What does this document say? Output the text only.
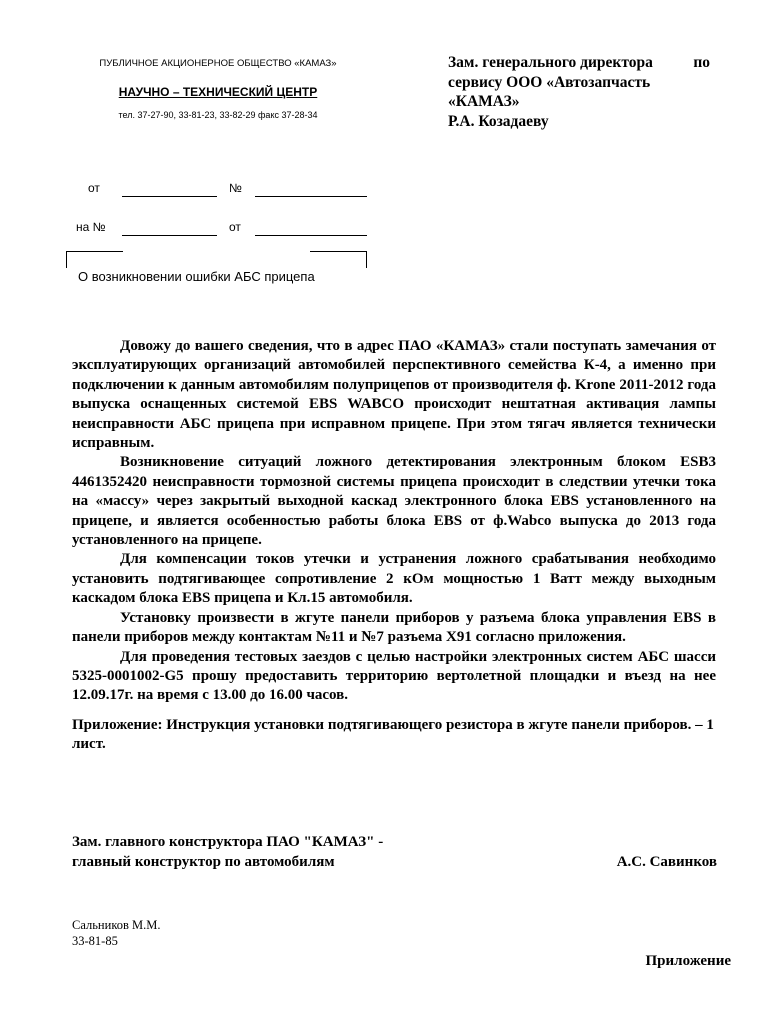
ПУБЛИЧНОЕ АКЦИОНЕРНОЕ ОБЩЕСТВО «КАМАЗ»
НАУЧНО – ТЕХНИЧЕСКИЙ ЦЕНТР
тел. 37-27-90, 33-81-23, 33-82-29 факс 37-28-34
Зам. генерального директора	по
сервису ООО «Автозапчасть
«КАМАЗ»
Р.А. Козадаеву
от	№
на №	от
О возникновении ошибки АБС прицепа

Довожу до вашего сведения, что в адрес ПАО «КАМАЗ» стали поступать замечания от эксплуатирующих организаций автомобилей перспективного семейства К-4, а именно при подключении к данным автомобилям полуприцепов от производителя ф. Krone 2011-2012 года выпуска оснащенных системой EBS WABCO происходит нештатная активация лампы неисправности АБС прицепа при исправном прицепе. При этом тягач является технически исправным.

Возникновение ситуаций ложного детектирования электронным блоком ESB3 4461352420 неисправности тормозной системы прицепа происходит в следствии утечки тока на «массу» через закрытый выходной каскад электронного блока EBS установленного на прицепе, и является особенностью работы блока EBS от ф.Wabco выпуска до 2013 года установленного на прицепе.

Для компенсации токов утечки и устранения ложного срабатывания необходимо установить подтягивающее сопротивление 2 кОм мощностью 1 Ватт между выходным каскадом блока EBS прицепа и Кл.15 автомобиля.

Установку произвести в жгуте панели приборов у разъема блока управления EBS в панели приборов между контактам №11 и №7 разъема Х91 согласно приложения.

Для проведения тестовых заездов с целью настройки электронных систем АБС шасси 5325-0001002-G5 прошу предоставить территорию вертолетной площадки и въезд на нее 12.09.17г. на время с 13.00 до 16.00 часов.

Приложение: Инструкция установки подтягивающего резистора в жгуте панели приборов. – 1 лист.

Зам. главного конструктора ПАО "КАМАЗ" -
главный конструктор по автомобилям	А.С. Савинков
Сальников М.М.
33-81-85
Приложение
